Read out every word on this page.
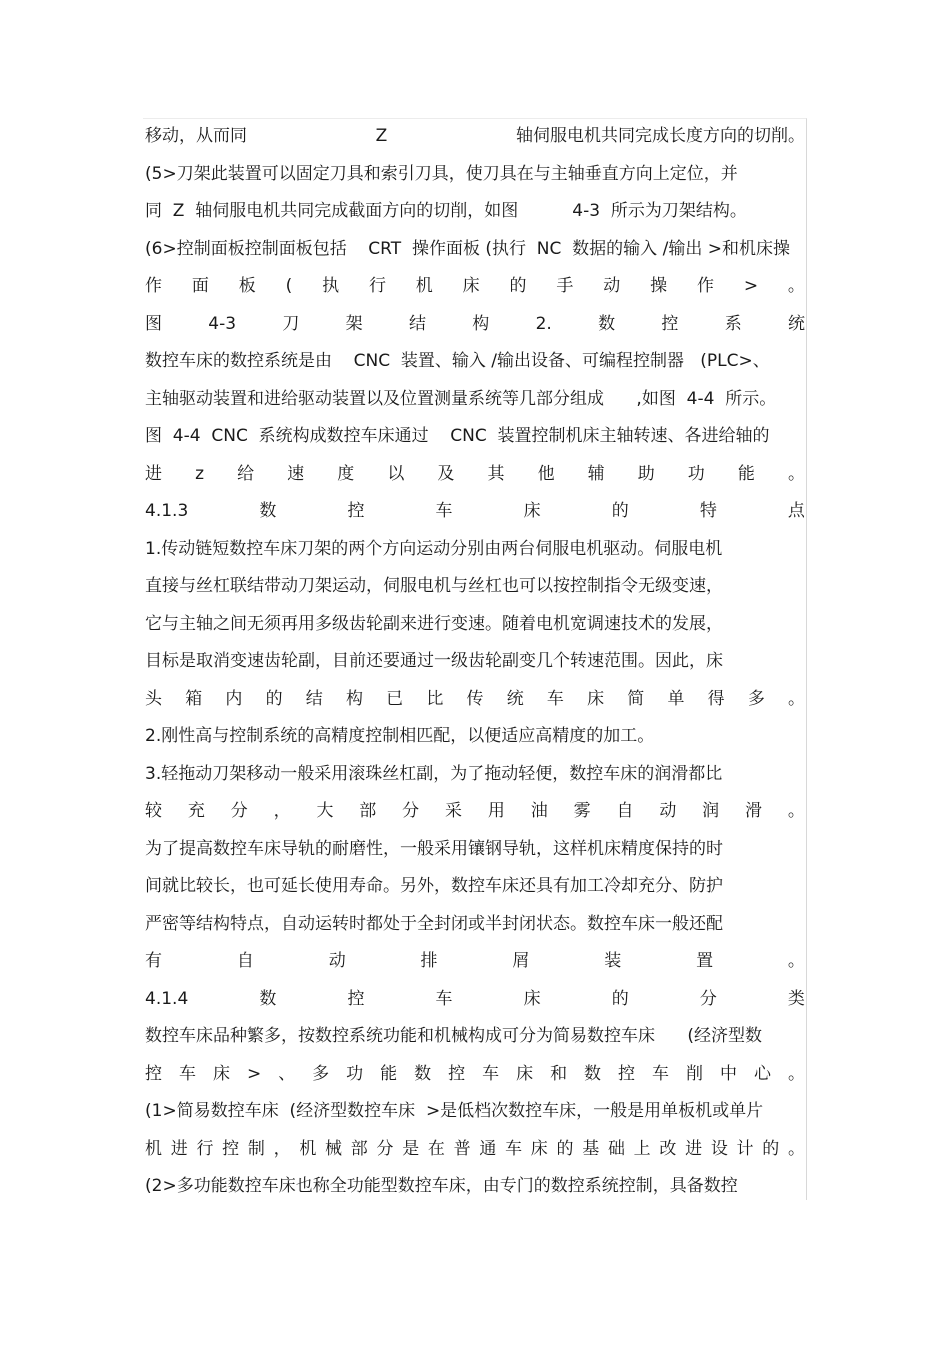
移动，从而同	Z	轴伺服电机共同完成长度方向的切削。
(5>刀架此装置可以固定刀具和索引刀具，使刀具在与主轴垂直方向上定位，并
同  Z  轴伺服电机共同完成截面方向的切削，如图          4-3  所示为刀架结构。
(6>控制面板控制面板包括    CRT  操作面板 (执行  NC  数据的输入 /输出 >和机床操
作 面 板 ( 执 行 机 床 的 手 动 操 作 > 。
图	4-3	刀	架	结	构	2.	数	控	系	统
数控车床的数控系统是由    CNC  装置、输入 /输出设备、可编程控制器   (PLC>、
主轴驱动装置和进给驱动装置以及位置测量系统等几部分组成      ,如图  4-4  所示。
图  4-4  CNC  系统构成数控车床通过    CNC  装置控制机床主轴转速、各进给轴的
进 z 给 速 度 以 及 其 他 辅 助 功 能 。
4.1.3	数	控	车	床	的	特	点
1.传动链短数控车床刀架的两个方向运动分别由两台伺服电机驱动。伺服电机
直接与丝杠联结带动刀架运动，伺服电机与丝杠也可以按控制指令无级变速，
它与主轴之间无须再用多级齿轮副来进行变速。随着电机宽调速技术的发展，
目标是取消变速齿轮副，目前还要通过一级齿轮副变几个转速范围。因此，床
头 箱 内 的 结 构 已 比 传 统 车 床 简 单 得 多 。
2.刚性高与控制系统的高精度控制相匹配，以便适应高精度的加工。
3.轻拖动刀架移动一般采用滚珠丝杠副，为了拖动轻便，数控车床的润滑都比
较 充 分 ， 大 部 分 采 用 油 雾 自 动 润 滑 。
为了提高数控车床导轨的耐磨性，一般采用镶钢导轨，这样机床精度保持的时
间就比较长，也可延长使用寿命。另外，数控车床还具有加工冷却充分、防护
严密等结构特点，自动运转时都处于全封闭或半封闭状态。数控车床一般还配
有	自	动	排	屑	装	置	。
4.1.4	数	控	车	床	的	分	类
数控车床品种繁多，按数控系统功能和机械构成可分为简易数控车床      (经济型数
控 车 床 > 、 多 功 能 数 控 车 床 和 数 控 车 削 中 心 。
(1>简易数控车床  (经济型数控车床  >是低档次数控车床，一般是用单板机或单片
机 进 行 控 制 ， 机 械 部 分 是 在 普 通 车 床 的 基 础 上 改 进 设 计 的 。
(2>多功能数控车床也称全功能型数控车床，由专门的数控系统控制，具备数控
